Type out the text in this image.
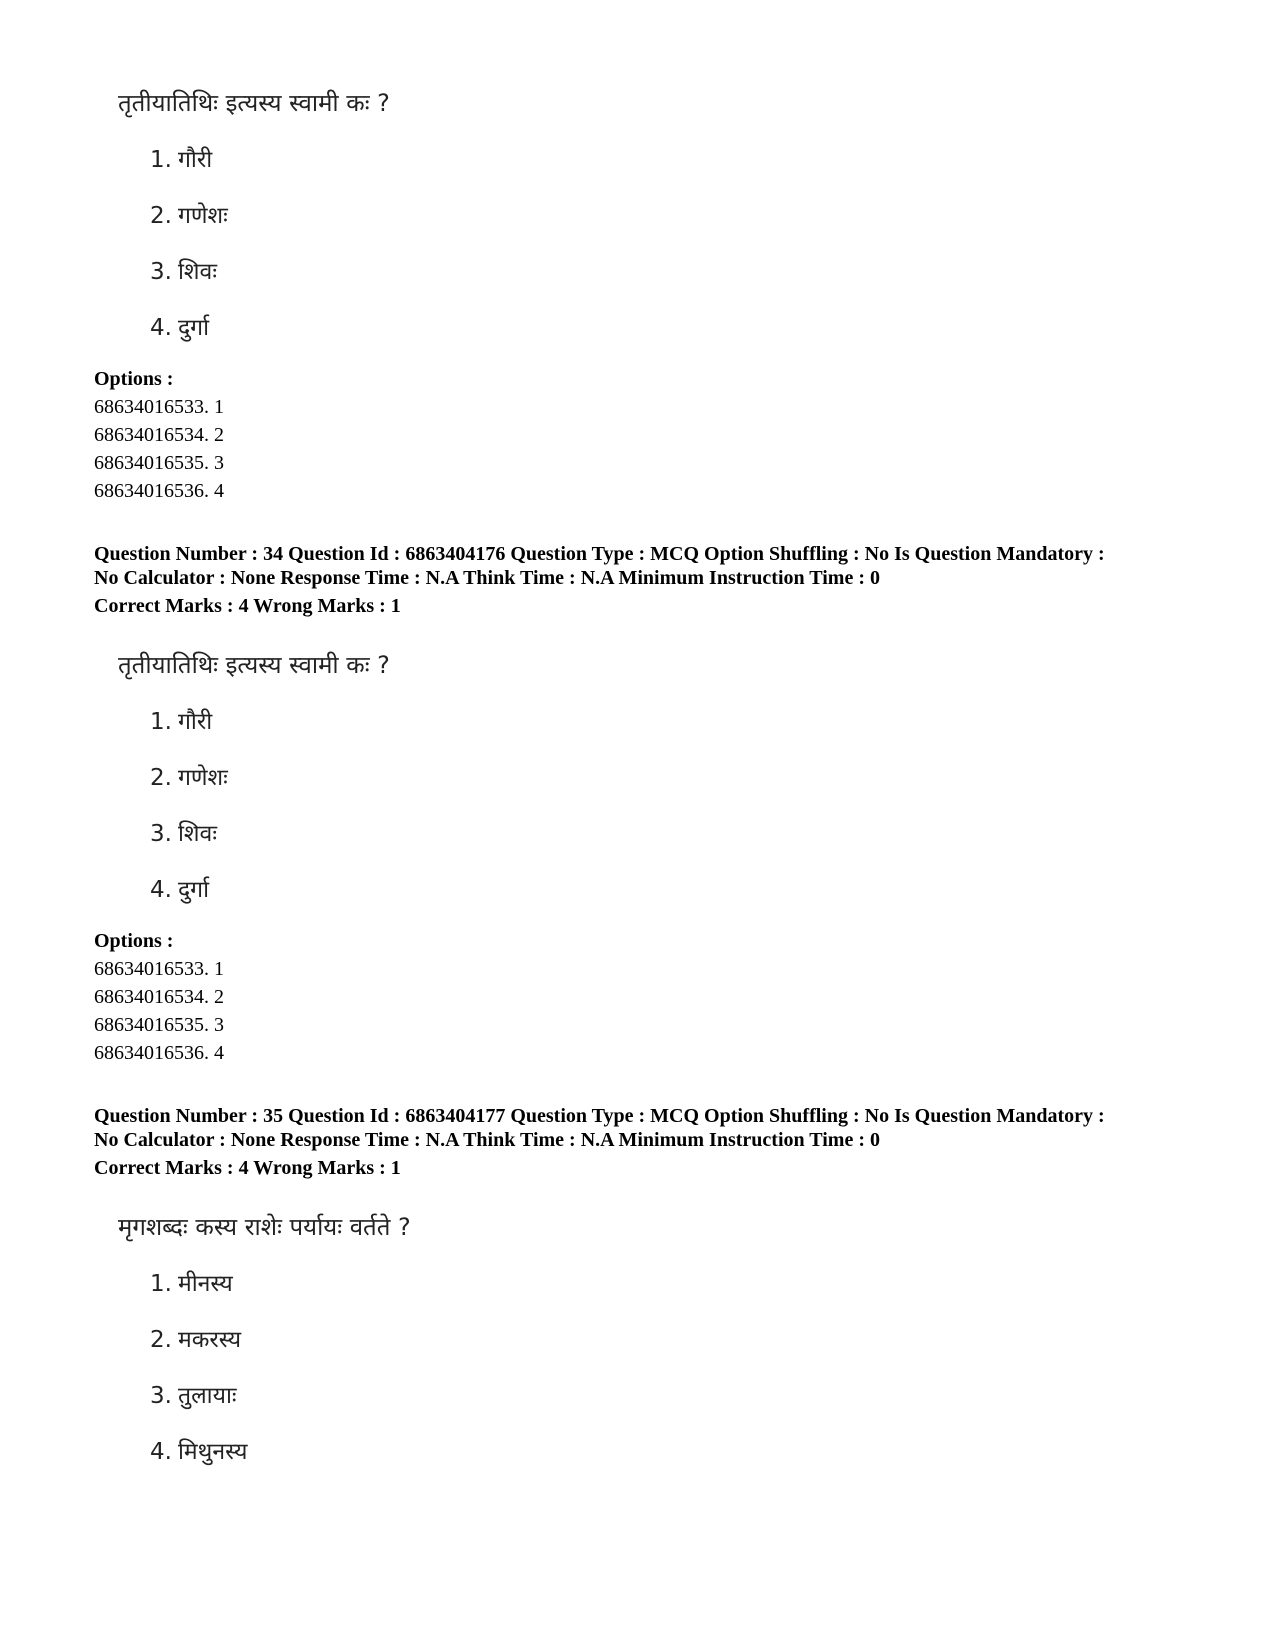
तृतीयातिथिः इत्यस्य स्वामी कः ?
1. गौरी
2. गणेशः
3. शिवः
4. दुर्गा
Options :
68634016533. 1
68634016534. 2
68634016535. 3
68634016536. 4
Question Number : 34 Question Id : 6863404176 Question Type : MCQ Option Shuffling : No Is Question Mandatory :
No Calculator : None Response Time : N.A Think Time : N.A Minimum Instruction Time : 0
Correct Marks : 4 Wrong Marks : 1
तृतीयातिथिः इत्यस्य स्वामी कः ?
1. गौरी
2. गणेशः
3. शिवः
4. दुर्गा
Options :
68634016533. 1
68634016534. 2
68634016535. 3
68634016536. 4
Question Number : 35 Question Id : 6863404177 Question Type : MCQ Option Shuffling : No Is Question Mandatory :
No Calculator : None Response Time : N.A Think Time : N.A Minimum Instruction Time : 0
Correct Marks : 4 Wrong Marks : 1
मृगशब्दः कस्य राशेः पर्यायः वर्तते ?
1. मीनस्य
2. मकरस्य
3. तुलायाः
4. मिथुनस्य
